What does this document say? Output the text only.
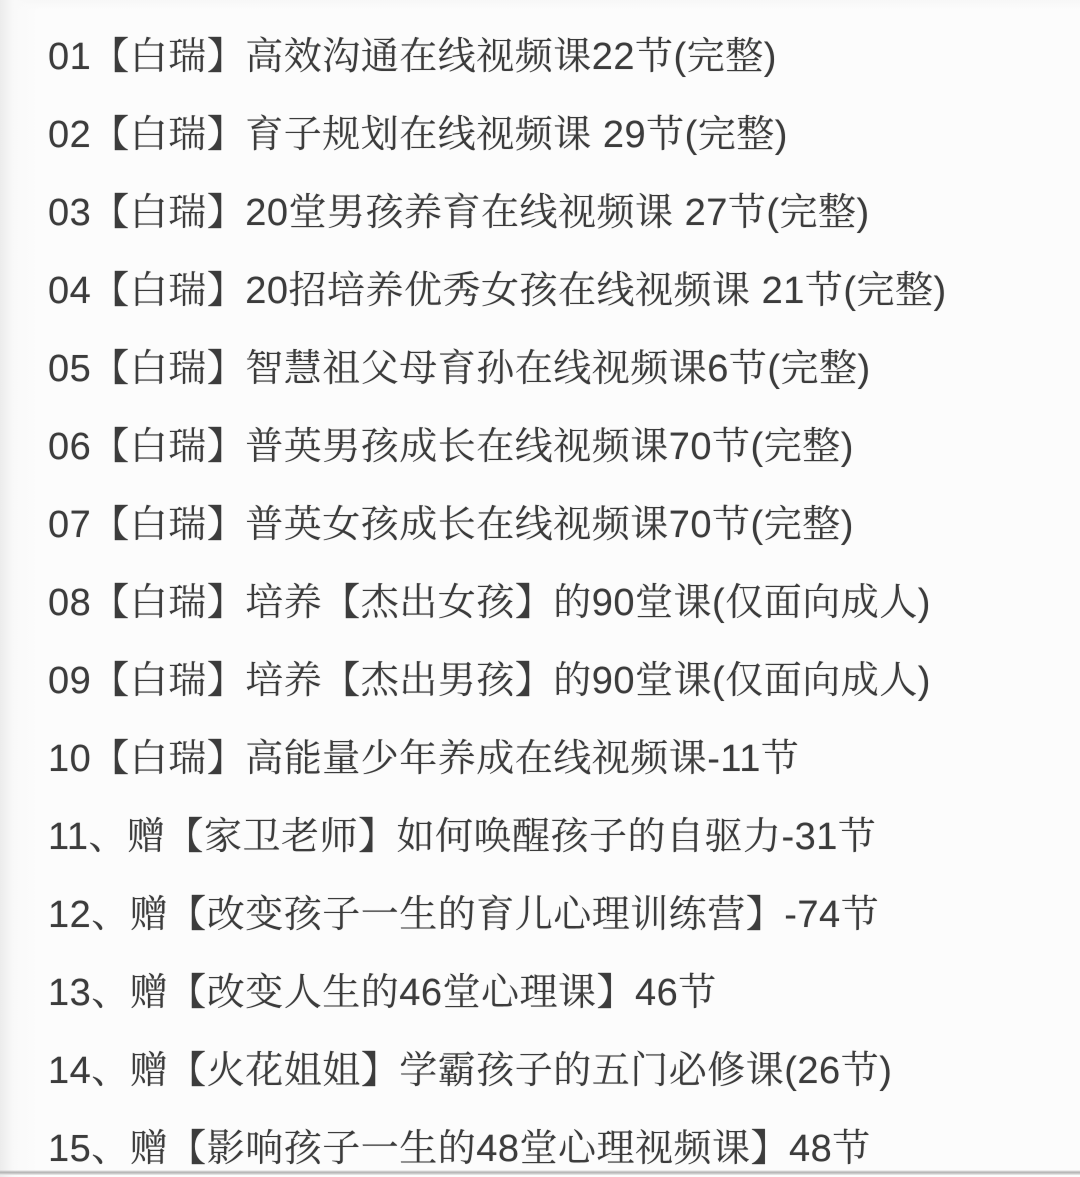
01【白瑞】高效沟通在线视频课22节(完整)
02【白瑞】育子规划在线视频课 29节(完整)
03【白瑞】20堂男孩养育在线视频课 27节(完整)
04【白瑞】20招培养优秀女孩在线视频课 21节(完整)
05【白瑞】智慧祖父母育孙在线视频课6节(完整)
06【白瑞】普英男孩成长在线视频课70节(完整)
07【白瑞】普英女孩成长在线视频课70节(完整)
08【白瑞】培养【杰出女孩】的90堂课(仅面向成人)
09【白瑞】培养【杰出男孩】的90堂课(仅面向成人)
10【白瑞】高能量少年养成在线视频课-11节
11、赠【家卫老师】如何唤醒孩子的自驱力-31节
12、赠【改变孩子一生的育儿心理训练营】-74节
13、赠【改变人生的46堂心理课】46节
14、赠【火花姐姐】学霸孩子的五门必修课(26节)
15、赠【影响孩子一生的48堂心理视频课】48节
